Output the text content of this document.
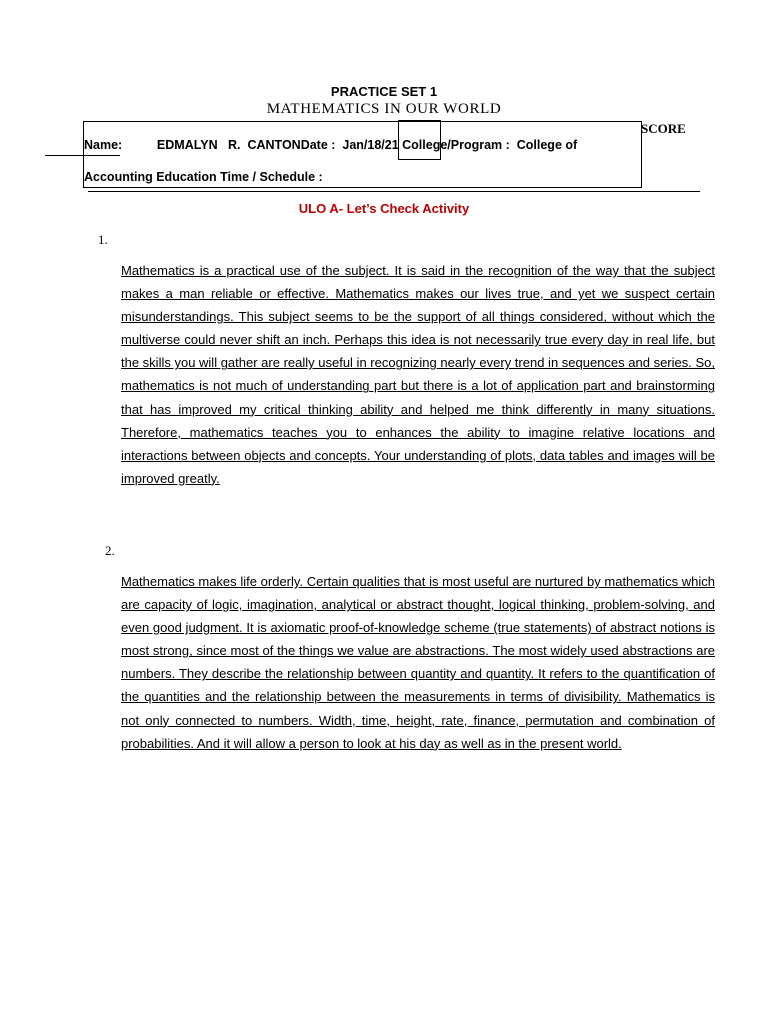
PRACTICE SET 1
MATHEMATICS IN OUR WORLD
SCORE
Name:          EDMALYN   R.  CANTONDate :  Jan/18/21 College/Program :  College of
Accounting Education Time / Schedule :
ULO A- Let’s Check Activity
1.

Mathematics is a practical use of the subject. It is said in the recognition of the way that the subject makes a man reliable or effective. Mathematics makes our lives true, and yet we suspect certain misunderstandings. This subject seems to be the support of all things considered, without which the multiverse could never shift an inch. Perhaps this idea is not necessarily true every day in real life, but the skills you will gather are really useful in recognizing nearly every trend in sequences and series. So, mathematics is not much of understanding part but there is a lot of application part and brainstorming that has improved my critical thinking ability and helped me think differently in many situations. Therefore, mathematics teaches you to enhances the ability to imagine relative locations and interactions between objects and concepts. Your understanding of plots, data tables and images will be improved greatly.

2.

Mathematics makes life orderly. Certain qualities that is most useful are nurtured by mathematics which are capacity of logic, imagination, analytical or abstract thought, logical thinking, problem-solving, and even good judgment. It is axiomatic proof-of-knowledge scheme (true statements) of abstract notions is most strong, since most of the things we value are abstractions. The most widely used abstractions are numbers. They describe the relationship between quantity and quantity. It refers to the quantification of the quantities and the relationship between the measurements in terms of divisibility. Mathematics is not only connected to numbers. Width, time, height, rate, finance, permutation and combination of probabilities. And it will allow a person to look at his day as well as in the present world.
